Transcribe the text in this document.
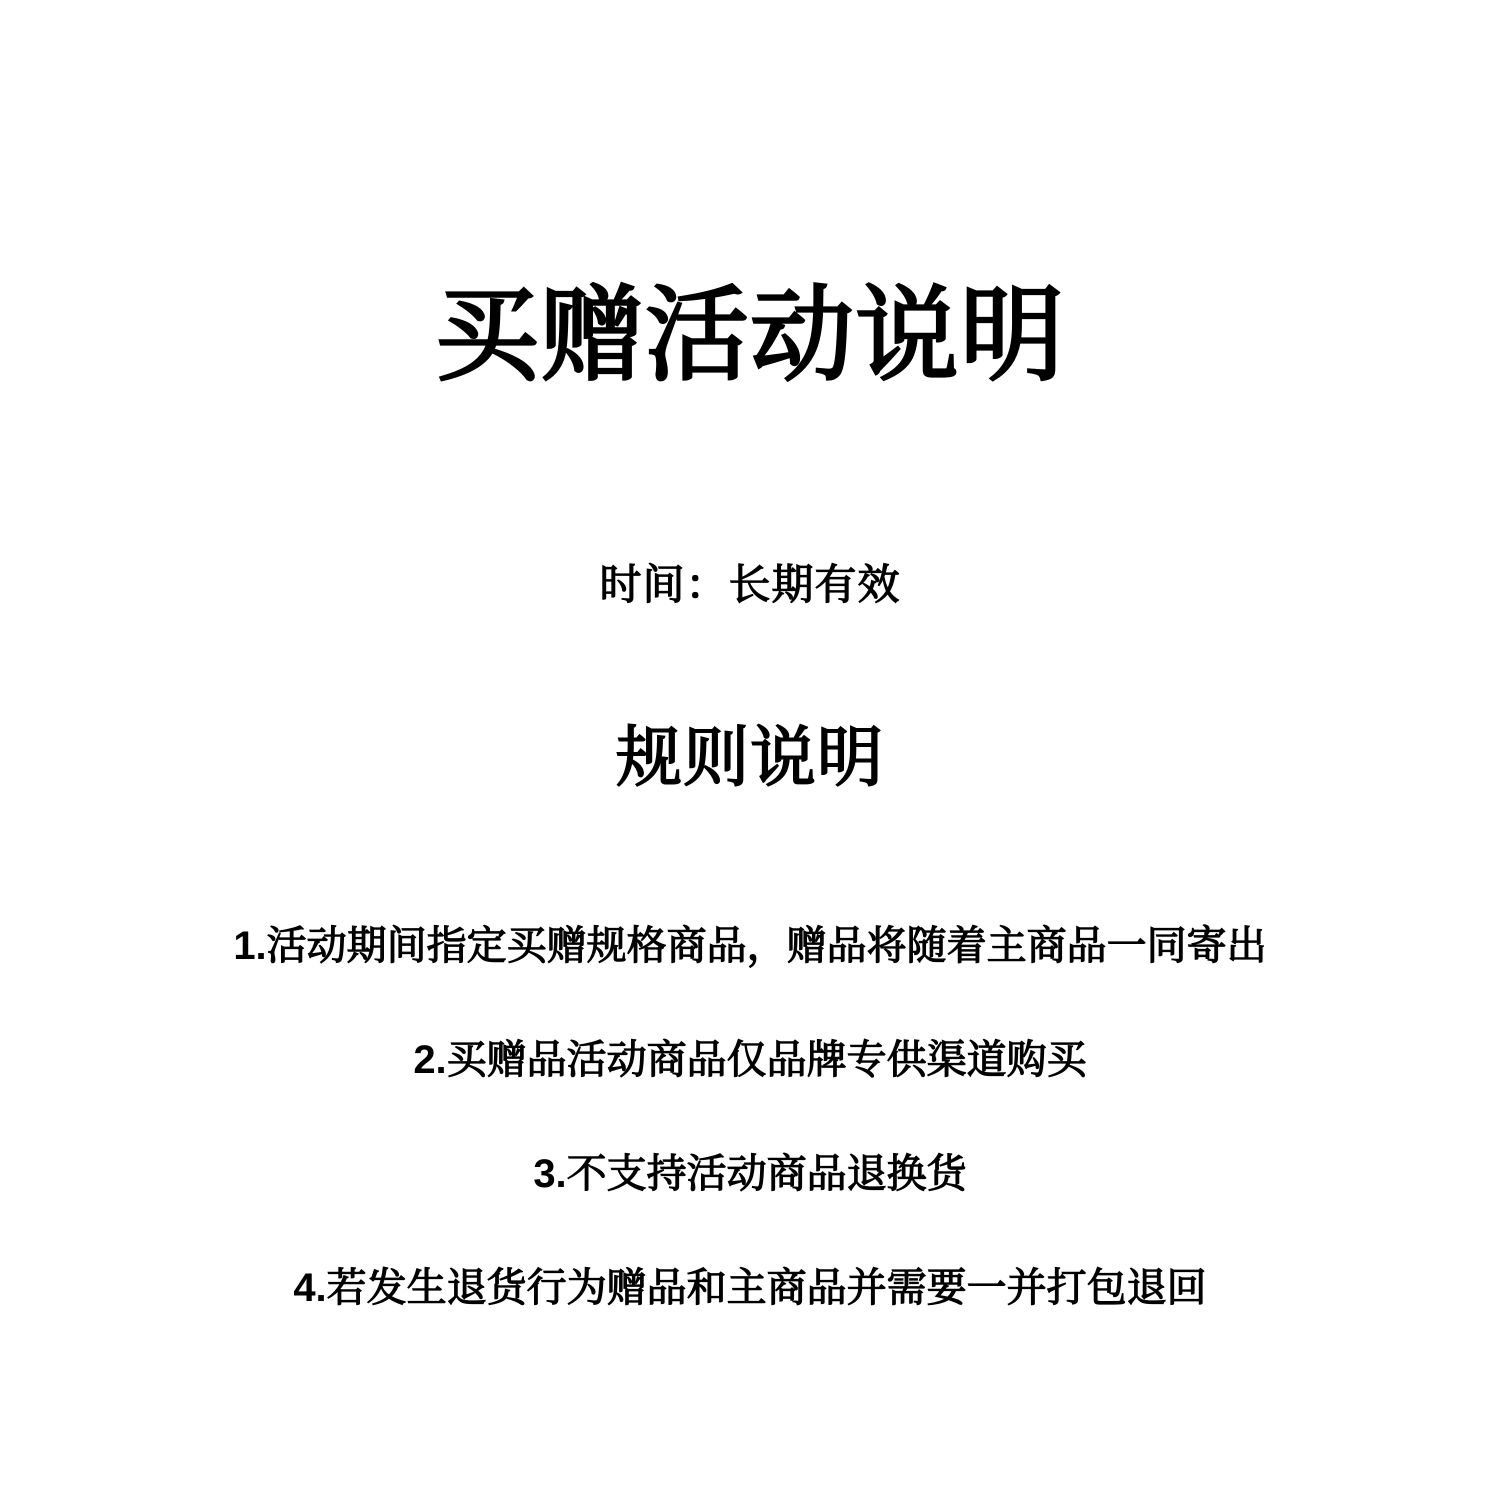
买赠活动说明
时间：长期有效
规则说明
1.活动期间指定买赠规格商品，赠品将随着主商品一同寄出
2.买赠品活动商品仅品牌专供渠道购买
3.不支持活动商品退换货
4.若发生退货行为赠品和主商品并需要一并打包退回
